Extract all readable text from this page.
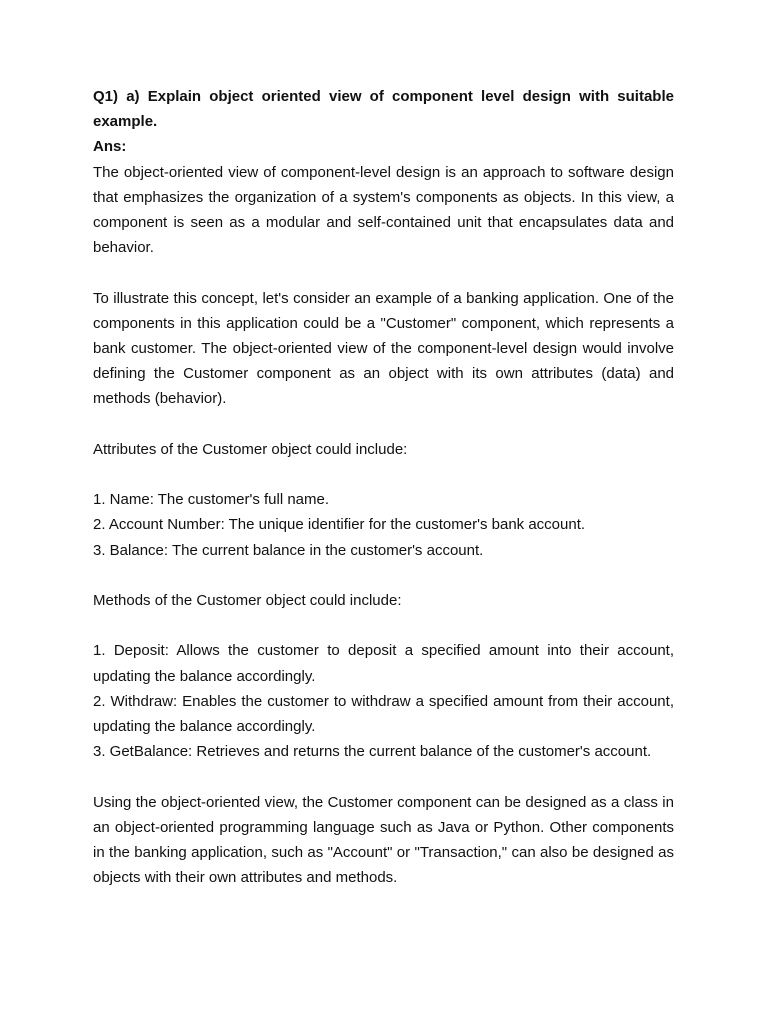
Q1) a) Explain object oriented view of component level design with suitable example.

Ans:

The object-oriented view of component-level design is an approach to software design that emphasizes the organization of a system's components as objects. In this view, a component is seen as a modular and self-contained unit that encapsulates data and behavior.

To illustrate this concept, let's consider an example of a banking application. One of the components in this application could be a "Customer" component, which represents a bank customer. The object-oriented view of the component-level design would involve defining the Customer component as an object with its own attributes (data) and methods (behavior).

Attributes of the Customer object could include:

1. Name: The customer's full name.

2. Account Number: The unique identifier for the customer's bank account.

3. Balance: The current balance in the customer's account.

Methods of the Customer object could include:

1. Deposit: Allows the customer to deposit a specified amount into their account, updating the balance accordingly.

2. Withdraw: Enables the customer to withdraw a specified amount from their account, updating the balance accordingly.

3. GetBalance: Retrieves and returns the current balance of the customer's account.

Using the object-oriented view, the Customer component can be designed as a class in an object-oriented programming language such as Java or Python. Other components in the banking application, such as "Account" or "Transaction," can also be designed as objects with their own attributes and methods.
